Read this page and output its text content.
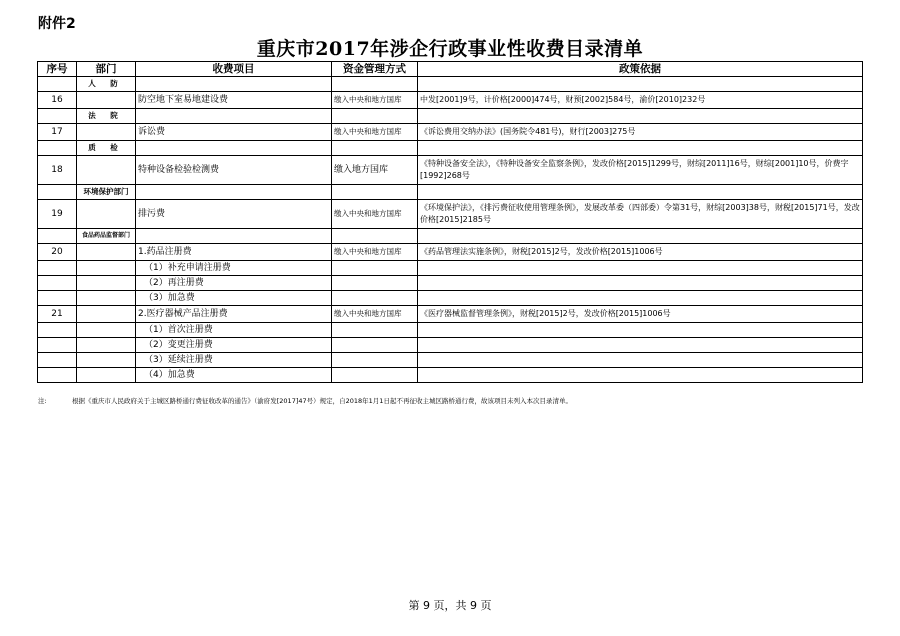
附件2
重庆市2017年涉企行政事业性收费目录清单
序号	部门	收费项目	资金管理方式	政策依据
	人 防			
16		防空地下室易地建设费	缴入中央和地方国库	中发[2001]9号，计价格[2000]474号，财预[2002]584号，渝价[2010]232号
	法 院			
17		诉讼费	缴入中央和地方国库	《诉讼费用交纳办法》(国务院令481号)，财行[2003]275号
	质 检			
18		特种设备检验检测费	缴入地方国库	《特种设备安全法》，《特种设备安全监察条例》，发改价格[2015]1299号，财综[2011]16号，财综[2001]10号，价费字[1992]268号
	环境保护部门			
19		排污费	缴入中央和地方国库	《环境保护法》，《排污费征收使用管理条例》，发展改革委（四部委）令第31号，财综[2003]38号，财税[2015]71号，发改价格[2015]2185号
	食品药品监督部门			
20		1.药品注册费	缴入中央和地方国库	《药品管理法实施条例》，财税[2015]2号，发改价格[2015]1006号
		（1）补充申请注册费		
		（2）再注册费		
		（3）加急费		
21		2.医疗器械产品注册费	缴入中央和地方国库	《医疗器械监督管理条例》，财税[2015]2号，发改价格[2015]1006号
		（1）首次注册费		
		（2）变更注册费		
		（3）延续注册费		
		（4）加急费		
注:	根据《重庆市人民政府关于主城区路桥通行费征收改革的通告》（渝府发[2017]47号）规定，自2018年1月1日起不再征收主城区路桥通行费，故该项目未列入本次目录清单。
第 9 页，共 9 页
